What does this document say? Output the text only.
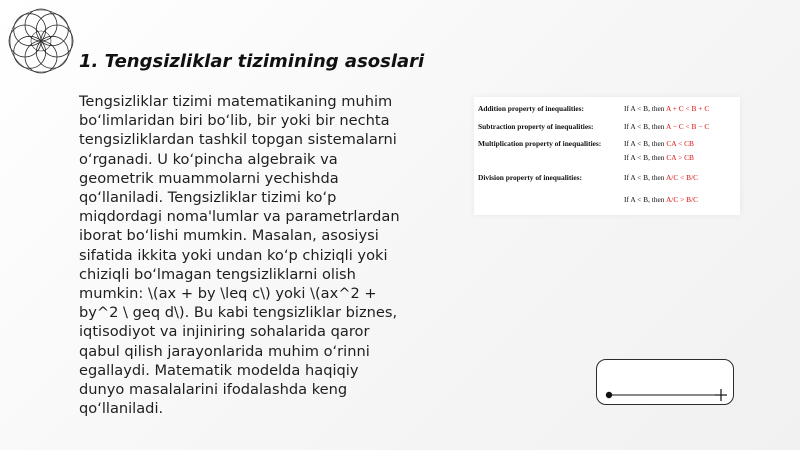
1. Tengsizliklar tizimining asoslari

Tengsizliklar tizimi matematikaning muhim bo‘limlaridan biri bo‘lib, bir yoki bir nechta tengsizliklardan tashkil topgan sistemalarni o‘rganadi. U ko‘pincha algebraik va geometrik muammolarni yechishda qo‘llaniladi. Tengsizliklar tizimi ko‘p miqdordagi noma'lumlar va parametrlardan iborat bo‘lishi mumkin. Masalan, asosiysi sifatida ikkita yoki undan ko‘p chiziqli yoki chiziqli bo‘lmagan tengsizliklarni olish mumkin: \(ax + by \leq c\) yoki \(ax^2 + by^2 \ geq d\). Bu kabi tengsizliklar biznes, iqtisodiyot va injiniring sohalarida qaror qabul qilish jarayonlarida muhim o‘rinni egallaydi. Matematik modelda haqiqiy dunyo masalalarini ifodalashda keng qo‘llaniladi.

Addition property of inequalities:	If A < B, then A + C < B + C
Subtraction property of inequalities:	If A < B, then A − C < B − C
Multiplication property of inequalities:	If A < B, then CA < CB
If A < B, then CA > CB
Division property of inequalities:	If A < B, then A/C < B/C
If A < B, then A/C > B/C
